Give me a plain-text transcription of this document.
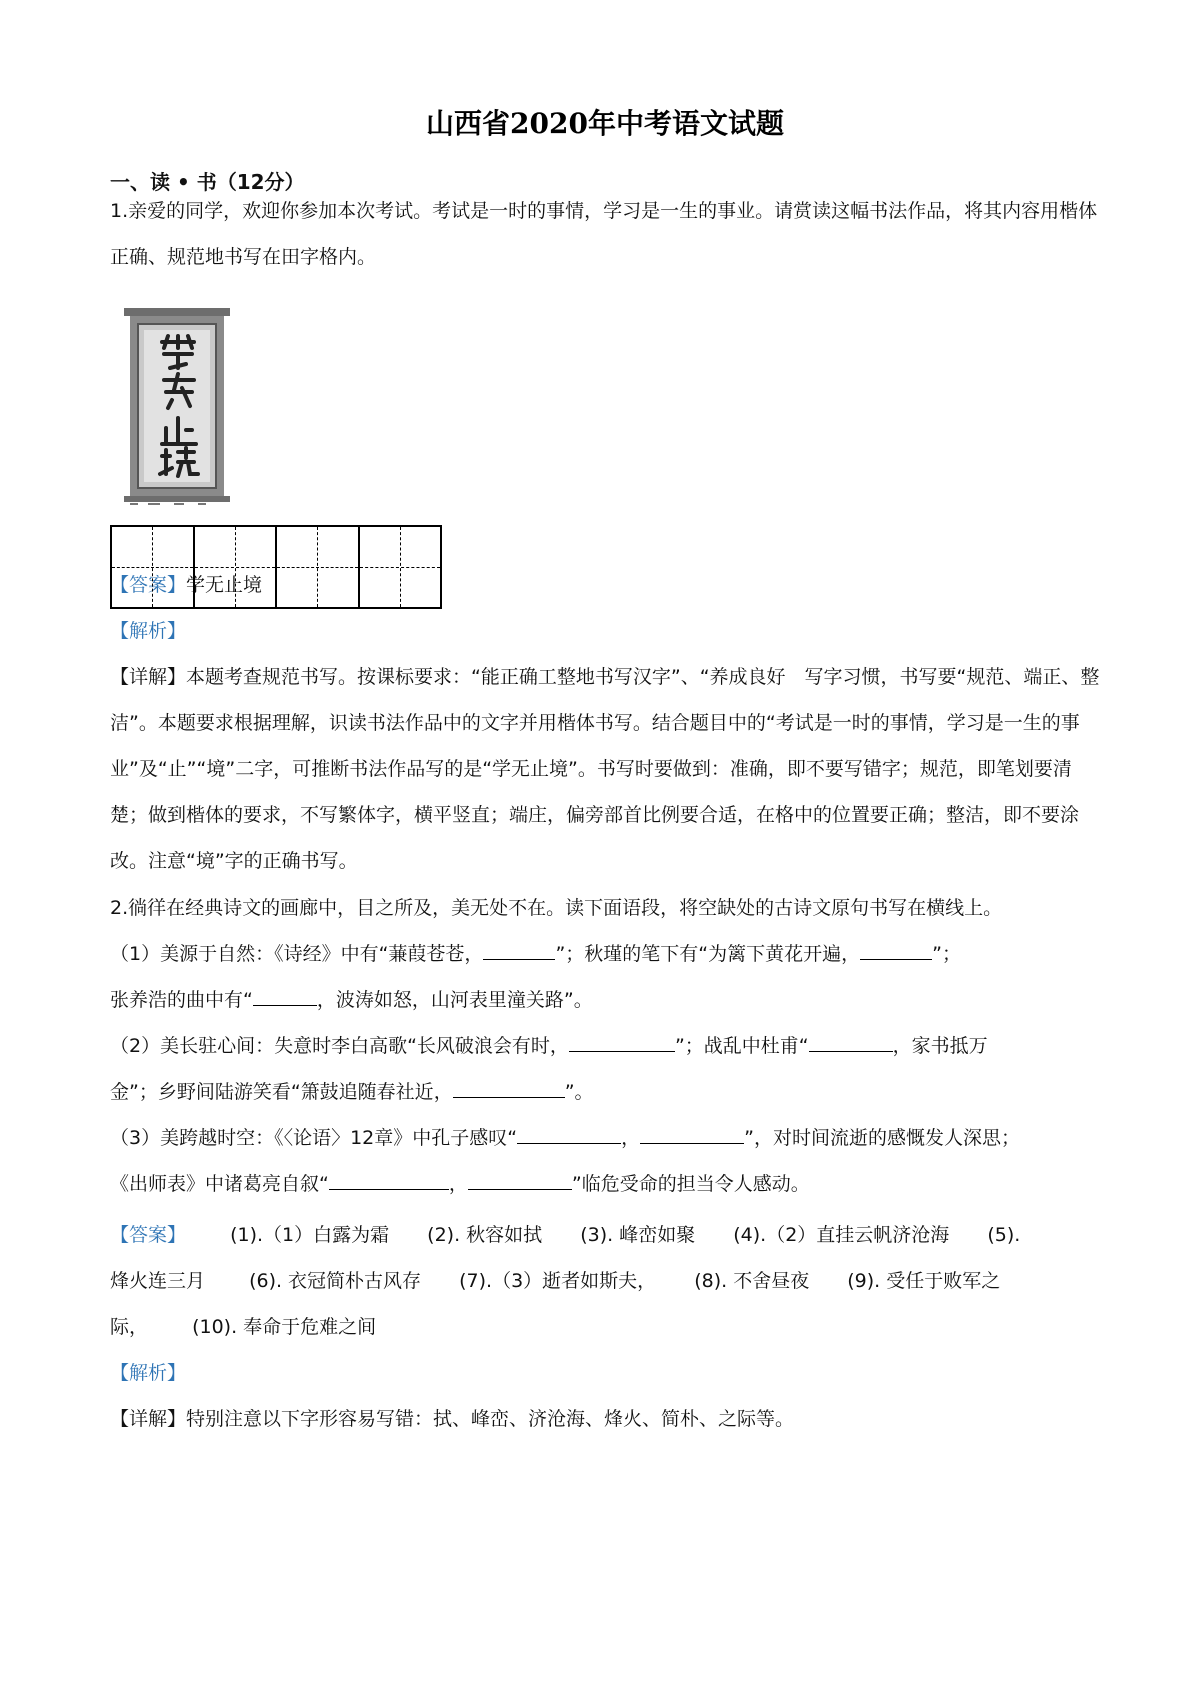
山西省2020年中考语文试题
一、读 • 书（12分）
1.亲爱的同学，欢迎你参加本次考试。考试是一时的事情，学习是一生的事业。请赏读这幅书法作品，将其内容用楷体正确、规范地书写在田字格内。
【答案】学无止境
【解析】
【详解】本题考查规范书写。按课标要求：“能正确工整地书写汉字”、“养成良好　写字习惯，书写要“规范、端正、整洁”。本题要求根据理解，识读书法作品中的文字并用楷体书写。结合题目中的“考试是一时的事情，学习是一生的事业”及“止”“境”二字，可推断书法作品写的是“学无止境”。书写时要做到：准确，即不要写错字；规范，即笔划要清楚；做到楷体的要求，不写繁体字，横平竖直；端庄，偏旁部首比例要合适，在格中的位置要正确；整洁，即不要涂改。注意“境”字的正确书写。
2.徜徉在经典诗文的画廊中，目之所及，美无处不在。读下面语段，将空缺处的古诗文原句书写在横线上。
（1）美源于自然：《诗经》中有“蒹葭苍苍，	”；秋瑾的笔下有“为篱下黄花开遍，	”；
张养浩的曲中有“	，波涛如怒，山河表里潼关路”。
（2）美长驻心间：失意时李白高歌“长风破浪会有时，	”；战乱中杜甫“	，家书抵万
金”；乡野间陆游笑看“箫鼓追随春社近，	”。
（3）美跨越时空：《〈论语〉12章》中孔子感叹“	，	”，对时间流逝的感慨发人深思；
《出师表》中诸葛亮自叙“	，	”临危受命的担当令人感动。
【答案】 (1).（1）白露为霜 (2). 秋容如拭 (3). 峰峦如聚 (4).（2）直挂云帆济沧海 (5).
烽火连三月 (6). 衣冠简朴古风存 (7).（3）逝者如斯夫， (8). 不舍昼夜 (9). 受任于败军之
际， (10). 奉命于危难之间
【解析】
【详解】特别注意以下字形容易写错：拭、峰峦、济沧海、烽火、简朴、之际等。
